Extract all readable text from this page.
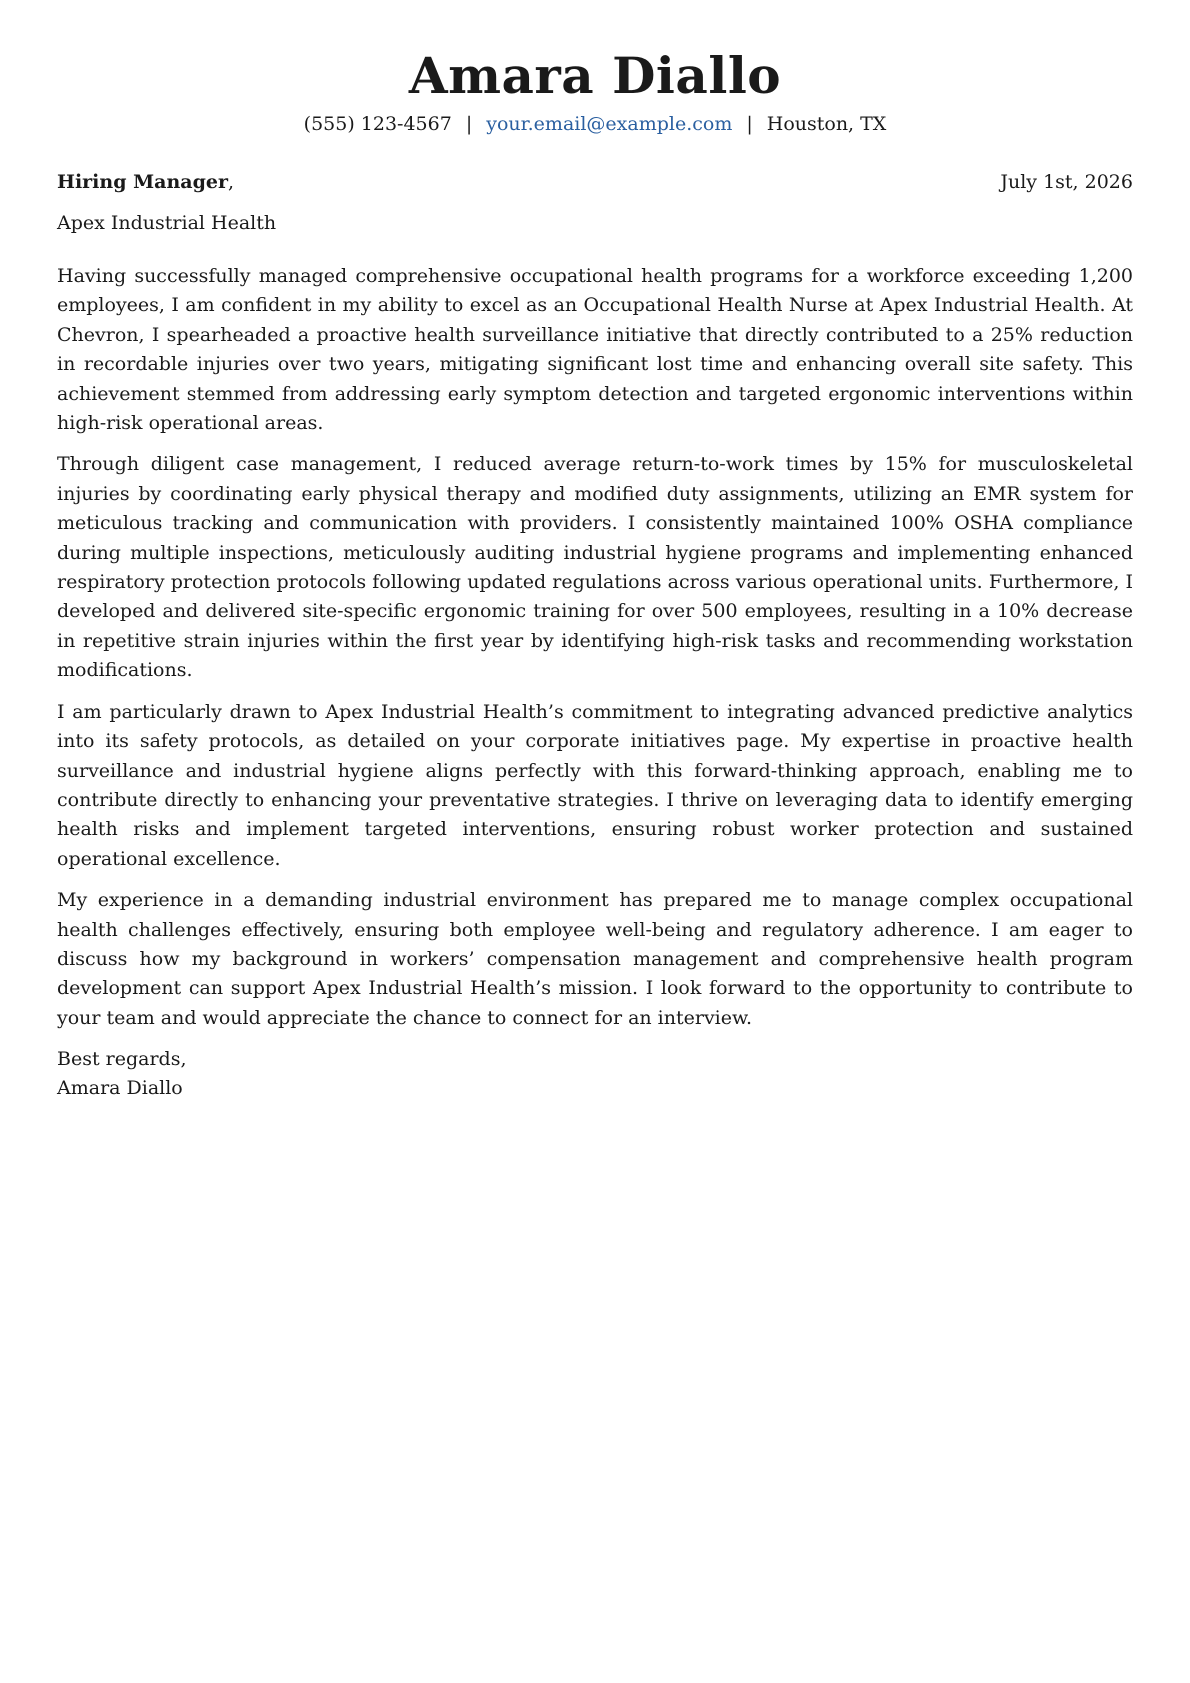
Amara Diallo
(555) 123-4567 | your.email@example.com | Houston, TX
Hiring Manager,	July 1st, 2026
Apex Industrial Health

Having successfully managed comprehensive occupational health programs for a workforce exceeding 1,200 employees, I am confident in my ability to excel as an Occupational Health Nurse at Apex Industrial Health. At Chevron, I spearheaded a proactive health surveillance initiative that directly contributed to a 25% reduction in recordable injuries over two years, mitigating significant lost time and enhancing overall site safety. This achievement stemmed from addressing early symptom detection and targeted ergonomic interventions within high-risk operational areas.

Through diligent case management, I reduced average return-to-work times by 15% for musculoskeletal injuries by coordinating early physical therapy and modified duty assignments, utilizing an EMR system for meticulous tracking and communication with providers. I consistently maintained 100% OSHA compliance during multiple inspections, meticulously auditing industrial hygiene programs and implementing enhanced respiratory protection protocols following updated regulations across various operational units. Furthermore, I developed and delivered site-specific ergonomic training for over 500 employees, resulting in a 10% decrease in repetitive strain injuries within the first year by identifying high-risk tasks and recommending workstation modifications.

I am particularly drawn to Apex Industrial Health’s commitment to integrating advanced predictive analytics into its safety protocols, as detailed on your corporate initiatives page. My expertise in proactive health surveillance and industrial hygiene aligns perfectly with this forward-thinking approach, enabling me to contribute directly to enhancing your preventative strategies. I thrive on leveraging data to identify emerging health risks and implement targeted interventions, ensuring robust worker protection and sustained operational excellence.

My experience in a demanding industrial environment has prepared me to manage complex occupational health challenges effectively, ensuring both employee well-being and regulatory adherence. I am eager to discuss how my background in workers’ compensation management and comprehensive health program development can support Apex Industrial Health’s mission. I look forward to the opportunity to contribute to your team and would appreciate the chance to connect for an interview.

Best regards,
Amara Diallo
